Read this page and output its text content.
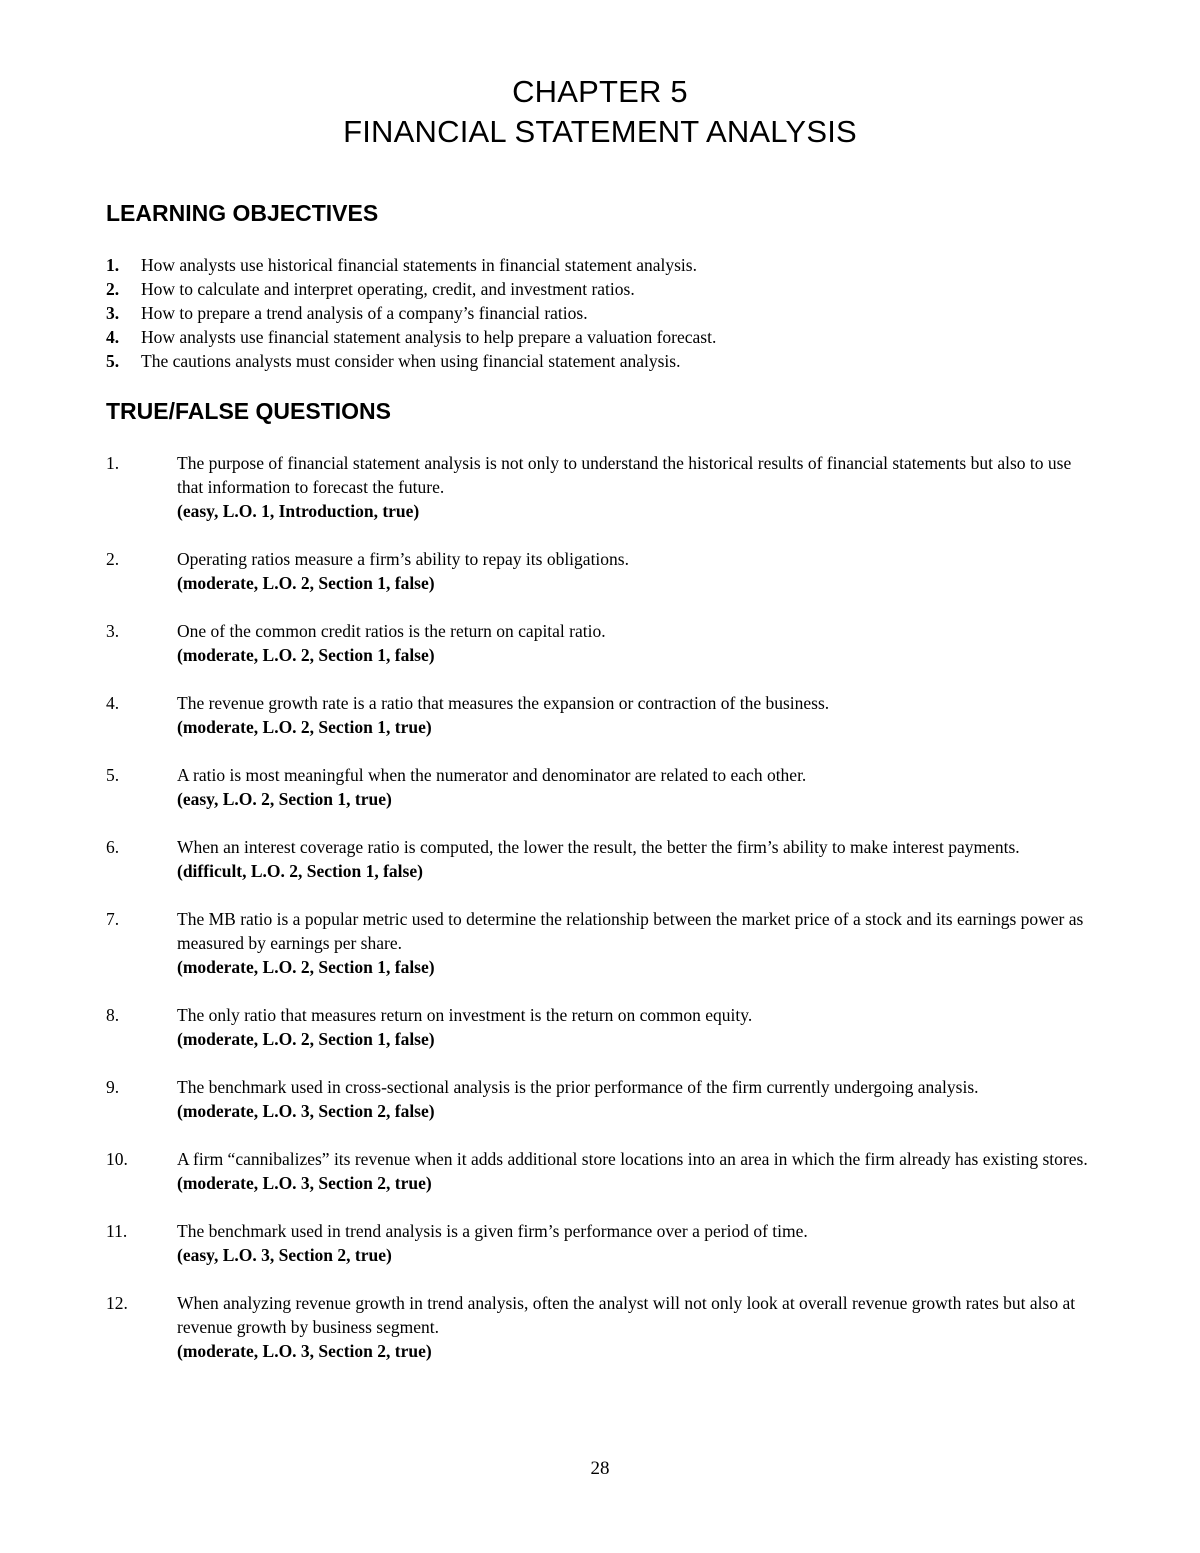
CHAPTER 5
FINANCIAL STATEMENT ANALYSIS
LEARNING OBJECTIVES
1. How analysts use historical financial statements in financial statement analysis.
2. How to calculate and interpret operating, credit, and investment ratios.
3. How to prepare a trend analysis of a company’s financial ratios.
4. How analysts use financial statement analysis to help prepare a valuation forecast.
5. The cautions analysts must consider when using financial statement analysis.
TRUE/FALSE QUESTIONS
1.	The purpose of financial statement analysis is not only to understand the historical results of financial statements but also to use that information to forecast the future.
(easy, L.O. 1, Introduction, true)
2.	Operating ratios measure a firm’s ability to repay its obligations.
(moderate, L.O. 2, Section 1, false)
3.	One of the common credit ratios is the return on capital ratio.
(moderate, L.O. 2, Section 1, false)
4.	The revenue growth rate is a ratio that measures the expansion or contraction of the business.
(moderate, L.O. 2, Section 1, true)
5.	A ratio is most meaningful when the numerator and denominator are related to each other.
(easy, L.O. 2, Section 1, true)
6.	When an interest coverage ratio is computed, the lower the result, the better the firm’s ability to make interest payments.
(difficult, L.O. 2, Section 1, false)
7.	The MB ratio is a popular metric used to determine the relationship between the market price of a stock and its earnings power as measured by earnings per share.
(moderate, L.O. 2, Section 1, false)
8.	The only ratio that measures return on investment is the return on common equity.
(moderate, L.O. 2, Section 1, false)
9.	The benchmark used in cross-sectional analysis is the prior performance of the firm currently undergoing analysis.
(moderate, L.O. 3, Section 2, false)
10.	A firm “cannibalizes” its revenue when it adds additional store locations into an area in which the firm already has existing stores.
(moderate, L.O. 3, Section 2, true)
11.	The benchmark used in trend analysis is a given firm’s performance over a period of time.
(easy, L.O. 3, Section 2, true)
12.	When analyzing revenue growth in trend analysis, often the analyst will not only look at overall revenue growth rates but also at revenue growth by business segment.
(moderate, L.O. 3, Section 2, true)
28
